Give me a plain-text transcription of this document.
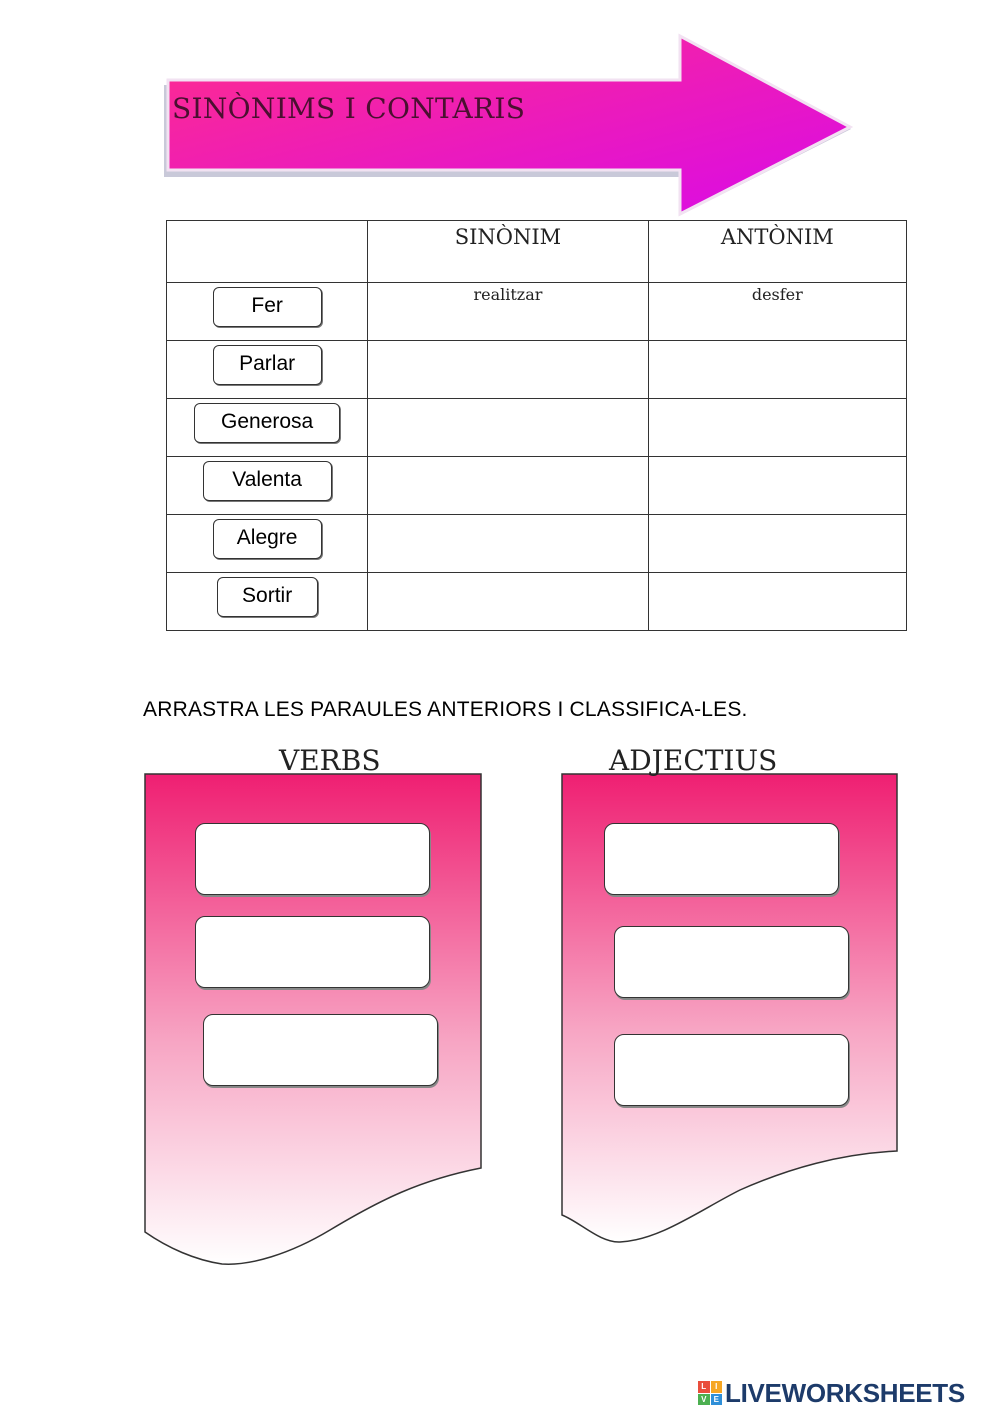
SINÒNIMS I CONTARIS
	SINÒNIM	ANTÒNIM
Fer	realitzar	desfer

Parlar	

Generosa	

Valenta	

Alegre	

Sortir	

ARRASTRA LES PARAULES ANTERIORS I CLASSIFICA-LES.
VERBS	ADJECTIUS
L	I
V E LIVEWORKSHEETS
